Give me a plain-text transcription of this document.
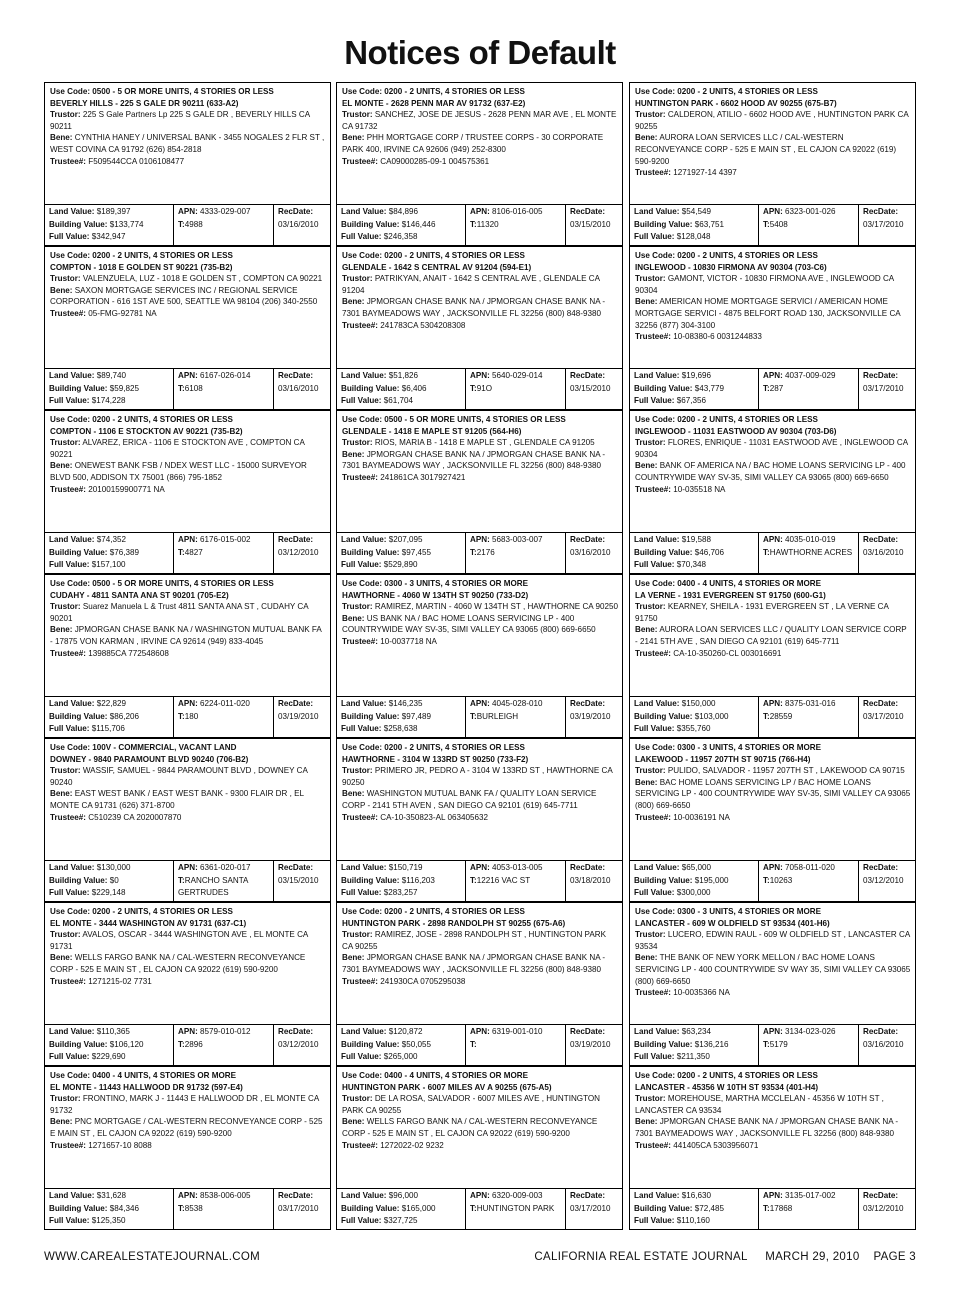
Notices of Default
Use Code: 0500 - 5 OR MORE UNITS, 4 STORIES OR LESS
BEVERLY HILLS - 225 S GALE DR 90211 (633-A2)
Trustor: 225 S Gale Partners Lp 225 S GALE DR , BEVERLY HILLS CA 90211
Bene: CYNTHIA HANEY / UNIVERSAL BANK - 3455 NOGALES 2 FLR ST , WEST COVINA CA 91792 (626) 854-2818
Trustee#: F509544CCA 0106108477
Land Value: $189,397
Building Value: $133,774
Full Value: $342,947
APN: 4333-029-007
T:4988
RecDate:
03/16/2010
Use Code: 0200 - 2 UNITS, 4 STORIES OR LESS
COMPTON - 1018 E GOLDEN ST 90221 (735-B2)
Trustor: VALENZUELA, LUZ - 1018 E GOLDEN ST , COMPTON CA 90221
Bene: SAXON MORTGAGE SERVICES INC / REGIONAL SERVICE CORPORATION - 616 1ST AVE 500, SEATTLE WA 98104 (206) 340-2550
Trustee#: 05-FMG-92781 NA
Land Value: $89,740
Building Value: $59,825
Full Value: $174,228
APN: 6167-026-014
T:6108
RecDate:
03/16/2010
Use Code: 0200 - 2 UNITS, 4 STORIES OR LESS
COMPTON - 1106 E STOCKTON AV 90221 (735-B2)
Trustor: ALVAREZ, ERICA - 1106 E STOCKTON AVE , COMPTON CA 90221
Bene: ONEWEST BANK FSB / NDEX WEST LLC - 15000 SURVEYOR BLVD 500, ADDISON TX 75001 (866) 795-1852
Trustee#: 20100159900771 NA
Land Value: $74,352
Building Value: $76,389
Full Value: $157,100
APN: 6176-015-002
T:4827
RecDate:
03/12/2010
Use Code: 0500 - 5 OR MORE UNITS, 4 STORIES OR LESS
CUDAHY - 4811 SANTA ANA ST 90201 (705-E2)
Trustor: Suarez Manuela L & Trust 4811 SANTA ANA ST , CUDAHY CA 90201
Bene: JPMORGAN CHASE BANK NA / WASHINGTON MUTUAL BANK FA - 17875 VON KARMAN , IRVINE CA 92614 (949) 833-4045
Trustee#: 139885CA 772548608
Land Value: $22,829
Building Value: $86,206
Full Value: $115,706
APN: 6224-011-020
T:180
RecDate:
03/19/2010
Use Code: 100V - COMMERCIAL, VACANT LAND
DOWNEY - 9840 PARAMOUNT BLVD 90240 (706-B2)
Trustor: WASSIF, SAMUEL - 9844 PARAMOUNT BLVD , DOWNEY CA 90240
Bene: EAST WEST BANK / EAST WEST BANK - 9300 FLAIR DR , EL MONTE CA 91731 (626) 371-8700
Trustee#: C510239 CA 2020007870
Land Value: $130,000
Building Value: $0
Full Value: $229,148
APN: 6361-020-017
T:RANCHO SANTA GERTRUDES
RecDate:
03/15/2010
Use Code: 0200 - 2 UNITS, 4 STORIES OR LESS
EL MONTE - 3444 WASHINGTON AV 91731 (637-C1)
Trustor: AVALOS, OSCAR - 3444 WASHINGTON AVE , EL MONTE CA 91731
Bene: WELLS FARGO BANK NA / CAL-WESTERN RECONVEYANCE CORP - 525 E MAIN ST , EL CAJON CA 92022 (619) 590-9200
Trustee#: 1271215-02 7731
Land Value: $110,365
Building Value: $106,120
Full Value: $229,690
APN: 8579-010-012
T:2896
RecDate:
03/12/2010
Use Code: 0400 - 4 UNITS, 4 STORIES OR MORE
EL MONTE - 11443 HALLWOOD DR 91732 (597-E4)
Trustor: FRONTINO, MARK J - 11443 E HALLWOOD DR , EL MONTE CA 91732
Bene: PNC MORTGAGE / CAL-WESTERN RECONVEYANCE CORP - 525 E MAIN ST , EL CAJON CA 92022 (619) 590-9200
Trustee#: 1271657-10 8088
Land Value: $31,628
Building Value: $84,346
Full Value: $125,350
APN: 8538-006-005
T:8538
RecDate:
03/17/2010
Use Code: 0200 - 2 UNITS, 4 STORIES OR LESS
EL MONTE - 2628 PENN MAR AV 91732 (637-E2)
Trustor: SANCHEZ, JOSE DE JESUS - 2628 PENN MAR AVE , EL MONTE CA 91732
Bene: PHH MORTGAGE CORP / TRUSTEE CORPS - 30 CORPORATE PARK 400, IRVINE CA 92606 (949) 252-8300
Trustee#: CA09000285-09-1 004575361
Land Value: $84,896
Building Value: $146,446
Full Value: $246,358
APN: 8106-016-005
T:11320
RecDate:
03/15/2010
Use Code: 0200 - 2 UNITS, 4 STORIES OR LESS
GLENDALE - 1642 S CENTRAL AV 91204 (594-E1)
Trustor: PATRIKYAN, ANAIT - 1642 S CENTRAL AVE , GLENDALE CA 91204
Bene: JPMORGAN CHASE BANK NA / JPMORGAN CHASE BANK NA - 7301 BAYMEADOWS WAY , JACKSONVILLE FL 32256 (800) 848-9380
Trustee#: 241783CA 5304208308
Land Value: $51,826
Building Value: $6,406
Full Value: $61,704
APN: 5640-029-014
T:91O
RecDate:
03/15/2010
Use Code: 0500 - 5 OR MORE UNITS, 4 STORIES OR LESS
GLENDALE - 1418 E MAPLE ST 91205 (564-H6)
Trustor: RIOS, MARIA B - 1418 E MAPLE ST , GLENDALE CA 91205
Bene: JPMORGAN CHASE BANK NA / JPMORGAN CHASE BANK NA - 7301 BAYMEADOWS WAY , JACKSONVILLE FL 32256 (800) 848-9380
Trustee#: 241861CA 3017927421
Land Value: $207,095
Building Value: $97,455
Full Value: $529,890
APN: 5683-003-007
T:2176
RecDate:
03/16/2010
Use Code: 0300 - 3 UNITS, 4 STORIES OR MORE
HAWTHORNE - 4060 W 134TH ST 90250 (733-D2)
Trustor: RAMIREZ, MARTIN - 4060 W 134TH ST , HAWTHORNE CA 90250
Bene: US BANK NA / BAC HOME LOANS SERVICING LP - 400 COUNTRYWIDE WAY SV-35, SIMI VALLEY CA 93065 (800) 669-6650
Trustee#: 10-0037718 NA
Land Value: $146,235
Building Value: $97,489
Full Value: $258,638
APN: 4045-028-010
T:BURLEIGH
RecDate:
03/19/2010
Use Code: 0200 - 2 UNITS, 4 STORIES OR LESS
HAWTHORNE - 3104 W 133RD ST 90250 (733-F2)
Trustor: PRIMERO JR, PEDRO A - 3104 W 133RD ST , HAWTHORNE CA 90250
Bene: WASHINGTON MUTUAL BANK FA / QUALITY LOAN SERVICE CORP - 2141 5TH AVEN , SAN DIEGO CA 92101 (619) 645-7711
Trustee#: CA-10-350823-AL 063405632
Land Value: $150,719
Building Value: $116,203
Full Value: $283,257
APN: 4053-013-005
T:12216 VAC ST
RecDate:
03/18/2010
Use Code: 0200 - 2 UNITS, 4 STORIES OR LESS
HUNTINGTON PARK - 2898 RANDOLPH ST 90255 (675-A6)
Trustor: RAMIREZ, JOSE - 2898 RANDOLPH ST , HUNTINGTON PARK CA 90255
Bene: JPMORGAN CHASE BANK NA / JPMORGAN CHASE BANK NA - 7301 BAYMEADOWS WAY , JACKSONVILLE FL 32256 (800) 848-9380
Trustee#: 241930CA 0705295038
Land Value: $120,872
Building Value: $50,055
Full Value: $265,000
APN: 6319-001-010
T:
RecDate:
03/19/2010
Use Code: 0400 - 4 UNITS, 4 STORIES OR MORE
HUNTINGTON PARK - 6007 MILES AV A 90255 (675-A5)
Trustor: DE LA ROSA, SALVADOR - 6007 MILES AVE , HUNTINGTON PARK CA 90255
Bene: WELLS FARGO BANK NA / CAL-WESTERN RECONVEYANCE CORP - 525 E MAIN ST , EL CAJON CA 92022 (619) 590-9200
Trustee#: 1272022-02 9232
Land Value: $96,000
Building Value: $165,000
Full Value: $327,725
APN: 6320-009-003
T:HUNTINGTON PARK
RecDate:
03/17/2010
Use Code: 0200 - 2 UNITS, 4 STORIES OR LESS
HUNTINGTON PARK - 6602 HOOD AV 90255 (675-B7)
Trustor: CALDERON, ATILIO - 6602 HOOD AVE , HUNTINGTON PARK CA 90255
Bene: AURORA LOAN SERVICES LLC / CAL-WESTERN RECONVEYANCE CORP - 525 E MAIN ST , EL CAJON CA 92022 (619) 590-9200
Trustee#: 1271927-14 4397
Land Value: $54,549
Building Value: $63,751
Full Value: $128,048
APN: 6323-001-026
T:5408
RecDate:
03/17/2010
Use Code: 0200 - 2 UNITS, 4 STORIES OR LESS
INGLEWOOD - 10830 FIRMONA AV 90304 (703-C6)
Trustor: GAMONT, VICTOR - 10830 FIRMONA AVE , INGLEWOOD CA 90304
Bene: AMERICAN HOME MORTGAGE SERVICI / AMERICAN HOME MORTGAGE SERVICI - 4875 BELFORT ROAD 130, JACKSONVILLE CA 32256 (877) 304-3100
Trustee#: 10-08380-6 0031244833
Land Value: $19,696
Building Value: $43,779
Full Value: $67,356
APN: 4037-009-029
T:287
RecDate:
03/17/2010
Use Code: 0200 - 2 UNITS, 4 STORIES OR LESS
INGLEWOOD - 11031 EASTWOOD AV 90304 (703-D6)
Trustor: FLORES, ENRIQUE - 11031 EASTWOOD AVE , INGLEWOOD CA 90304
Bene: BANK OF AMERICA NA / BAC HOME LOANS SERVICING LP - 400 COUNTRYWIDE WAY SV-35, SIMI VALLEY CA 93065 (800) 669-6650
Trustee#: 10-035518 NA
Land Value: $19,588
Building Value: $46,706
Full Value: $70,348
APN: 4035-010-019
T:HAWTHORNE ACRES
RecDate:
03/16/2010
Use Code: 0400 - 4 UNITS, 4 STORIES OR MORE
LA VERNE - 1931 EVERGREEN ST 91750 (600-G1)
Trustor: KEARNEY, SHEILA - 1931 EVERGREEN ST , LA VERNE CA 91750
Bene: AURORA LOAN SERVICES LLC / QUALITY LOAN SERVICE CORP - 2141 5TH AVE , SAN DIEGO CA 92101 (619) 645-7711
Trustee#: CA-10-350260-CL 003016691
Land Value: $150,000
Building Value: $103,000
Full Value: $355,760
APN: 8375-031-016
T:28559
RecDate:
03/17/2010
Use Code: 0300 - 3 UNITS, 4 STORIES OR MORE
LAKEWOOD - 11957 207TH ST 90715 (766-H4)
Trustor: PULIDO, SALVADOR - 11957 207TH ST , LAKEWOOD CA 90715
Bene: BAC HOME LOANS SERVICING LP / BAC HOME LOANS SERVICING LP - 400 COUNTRYWIDE WAY SV-35, SIMI VALLEY CA 93065 (800) 669-6650
Trustee#: 10-0036191 NA
Land Value: $65,000
Building Value: $195,000
Full Value: $300,000
APN: 7058-011-020
T:10263
RecDate:
03/12/2010
Use Code: 0300 - 3 UNITS, 4 STORIES OR MORE
LANCASTER - 609 W OLDFIELD ST 93534 (401-H6)
Trustor: LUCERO, EDWIN RAUL - 609 W OLDFIELD ST , LANCASTER CA 93534
Bene: THE BANK OF NEW YORK MELLON / BAC HOME LOANS SERVICING LP - 400 COUNTRYWIDE SV WAY 35, SIMI VALLEY CA 93065 (800) 669-6650
Trustee#: 10-0035366 NA
Land Value: $63,234
Building Value: $136,216
Full Value: $211,350
APN: 3134-023-026
T:5179
RecDate:
03/16/2010
Use Code: 0200 - 2 UNITS, 4 STORIES OR LESS
LANCASTER - 45356 W 10TH ST 93534 (401-H4)
Trustor: MOREHOUSE, MARTHA MCCLELAN - 45356 W 10TH ST , LANCASTER CA 93534
Bene: JPMORGAN CHASE BANK NA / JPMORGAN CHASE BANK NA - 7301 BAYMEADOWS WAY , JACKSONVILLE FL 32256 (800) 848-9380
Trustee#: 441405CA 5303956071
Land Value: $16,630
Building Value: $72,485
Full Value: $110,160
APN: 3135-017-002
T:17868
RecDate:
03/12/2010
WWW.CAREALESTATEJOURNAL.COM	CALIFORNIA REAL ESTATE JOURNAL MARCH 29, 2010 PAGE 3
